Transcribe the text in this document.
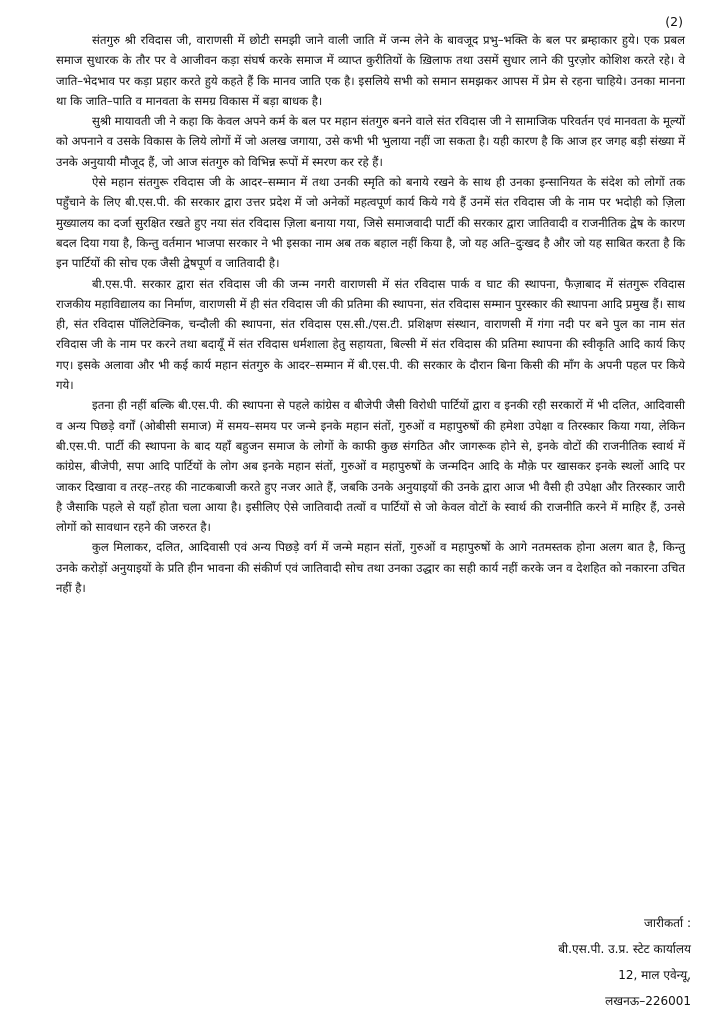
(2)

संतगुरु श्री रविदास जी, वाराणसी में छोटी समझी जाने वाली जाति में जन्म लेने के बावजूद प्रभु–भक्ति के बल पर ब्रम्हाकार हुये। एक प्रबल समाज सुधारक के तौर पर वे आजीवन कड़ा संघर्ष करके समाज में व्याप्त कुरीतियों के ख़िलाफ तथा उसमें सुधार लाने की पुरज़ोर कोशिश करते रहे। वे जाति–भेदभाव पर कड़ा प्रहार करते हुये कहते हैं कि मानव जाति एक है। इसलिये सभी को समान समझकर आपस में प्रेम से रहना चाहिये। उनका मानना था कि जाति–पाति व मानवता के समग्र विकास में बड़ा बाधक है।

सुश्री मायावती जी ने कहा कि केवल अपने कर्म के बल पर महान संतगुरु बनने वाले संत रविदास जी ने सामाजिक परिवर्तन एवं मानवता के मूल्यों को अपनाने व उसके विकास के लिये लोगों में जो अलख जगाया, उसे कभी भी भुलाया नहीं जा सकता है। यही कारण है कि आज हर जगह बड़ी संख्या में उनके अनुयायी मौजूद हैं, जो आज संतगुरु को विभिन्न रूपों में स्मरण कर रहे हैं।

ऐसे महान संतगुरू रविदास जी के आदर–सम्मान में तथा उनकी स्मृति को बनाये रखने के साथ ही उनका इन्सानियत के संदेश को लोगों तक पहुँचाने के लिए बी.एस.पी. की सरकार द्वारा उत्तर प्रदेश में जो अनेकों महत्वपूर्ण कार्य किये गये हैं उनमें संत रविदास जी के नाम पर भदोही को ज़िला मुख्यालय का दर्जा सुरक्षित रखते हुए नया संत रविदास ज़िला बनाया गया, जिसे समाजवादी पार्टी की सरकार द्वारा जातिवादी व राजनीतिक द्वेष के कारण बदल दिया गया है, किन्तु वर्तमान भाजपा सरकार ने भी इसका नाम अब तक बहाल नहीं किया है, जो यह अति–दुःखद है और जो यह साबित करता है कि इन पार्टियों की सोच एक जैसी द्वेषपूर्ण व जातिवादी है।

बी.एस.पी. सरकार द्वारा संत रविदास जी की जन्म नगरी वाराणसी में संत रविदास पार्क व घाट की स्थापना, फैज़ाबाद में संतगुरू रविदास राजकीय महाविद्यालय का निर्माण, वाराणसी में ही संत रविदास जी की प्रतिमा की स्थापना, संत रविदास सम्मान पुरस्कार की स्थापना आदि प्रमुख हैं। साथ ही, संत रविदास पॉलिटेक्निक, चन्दौली की स्थापना, संत रविदास एस.सी./एस.टी. प्रशिक्षण संस्थान, वाराणसी में गंगा नदी पर बने पुल का नाम संत रविदास जी के नाम पर करने तथा बदायूँ में संत रविदास धर्मशाला हेतु सहायता, बिल्सी में संत रविदास की प्रतिमा स्थापना की स्वीकृति आदि कार्य किए गए। इसके अलावा और भी कई कार्य महान संतगुरु के आदर–सम्मान में बी.एस.पी. की सरकार के दौरान बिना किसी की माँग के अपनी पहल पर किये गये।

इतना ही नहीं बल्कि बी.एस.पी. की स्थापना से पहले कांग्रेस व बीजेपी जैसी विरोधी पार्टियों द्वारा व इनकी रही सरकारों में भी दलित, आदिवासी व अन्य पिछड़े वर्गों (ओबीसी समाज) में समय–समय पर जन्मे इनके महान संतों, गुरुओं व महापुरुषों की हमेशा उपेक्षा व तिरस्कार किया गया, लेकिन बी.एस.पी. पार्टी की स्थापना के बाद यहाँ बहुजन समाज के लोगों के काफी कुछ संगठित और जागरूक होने से, इनके वोटों की राजनीतिक स्वार्थ में कांग्रेस, बीजेपी, सपा आदि पार्टियों के लोग अब इनके महान संतों, गुरुओं व महापुरुषों के जन्मदिन आदि के मौक़े पर खासकर इनके स्थलों आदि पर जाकर दिखावा व तरह–तरह की नाटकबाजी करते हुए नजर आते हैं, जबकि उनके अनुयाइयों की उनके द्वारा आज भी वैसी ही उपेक्षा और तिरस्कार जारी है जैसाकि पहले से यहाँ होता चला आया है। इसीलिए ऐसे जातिवादी तत्वों व पार्टियों से जो केवल वोटों के स्वार्थ की राजनीति करने में माहिर हैं, उनसे लोगों को सावधान रहने की जरुरत है।

कुल मिलाकर, दलित, आदिवासी एवं अन्य पिछड़े वर्ग में जन्मे महान संतों, गुरुओं व महापुरुषों के आगे नतमस्तक होना अलग बात है, किन्तु उनके करोड़ों अनुयाइयों के प्रति हीन भावना की संकीर्ण एवं जातिवादी सोच तथा उनका उद्धार का सही कार्य नहीं करके जन व देशहित को नकारना उचित नहीं है।

जारीकर्ता :
बी.एस.पी. उ.प्र. स्टेट कार्यालय
12, माल एवेन्यू,
लखनऊ–226001
